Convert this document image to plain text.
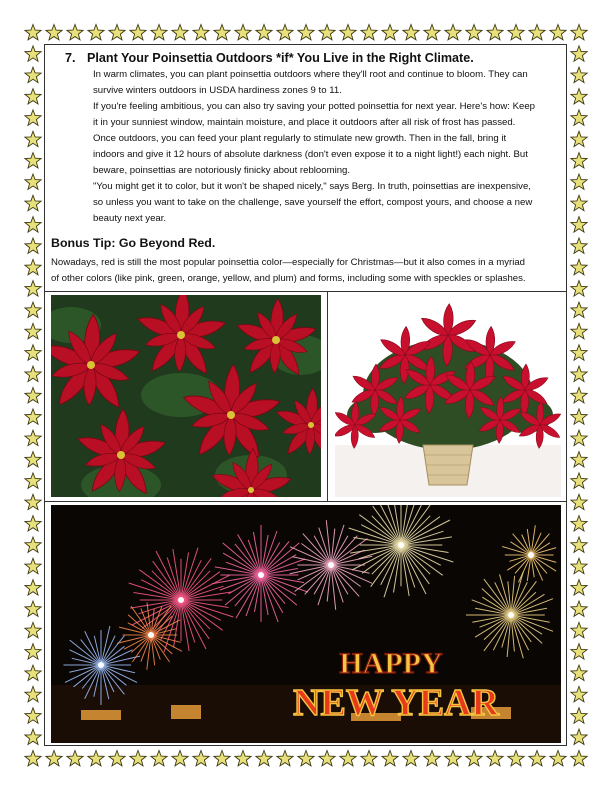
7. Plant Your Poinsettia Outdoors *if* You Live in the Right Climate.

In warm climates, you can plant poinsettia outdoors where they'll root and continue to bloom. They can

survive winters outdoors in USDA hardiness zones 9 to 11.

If you're feeling ambitious, you can also try saving your potted poinsettia for next year. Here's how: Keep

it in your sunniest window, maintain moisture, and place it outdoors after all risk of frost has passed.

Once outdoors, you can feed your plant regularly to stimulate new growth. Then in the fall, bring it

indoors and give it 12 hours of absolute darkness (don't even expose it to a night light!) each night. But

beware, poinsettias are notoriously finicky about reblooming.

"You might get it to color, but it won't be shaped nicely," says Berg. In truth, poinsettias are inexpensive,

so unless you want to take on the challenge, save yourself the effort, compost yours, and choose a new

beauty next year.

Bonus Tip: Go Beyond Red.

Nowadays, red is still the most popular poinsettia color—especially for Christmas—but it also comes in a myriad

of other colors (like pink, green, orange, yellow, and plum) and forms, including some with speckles or splashes.

HAPPY
NEW YEAR
